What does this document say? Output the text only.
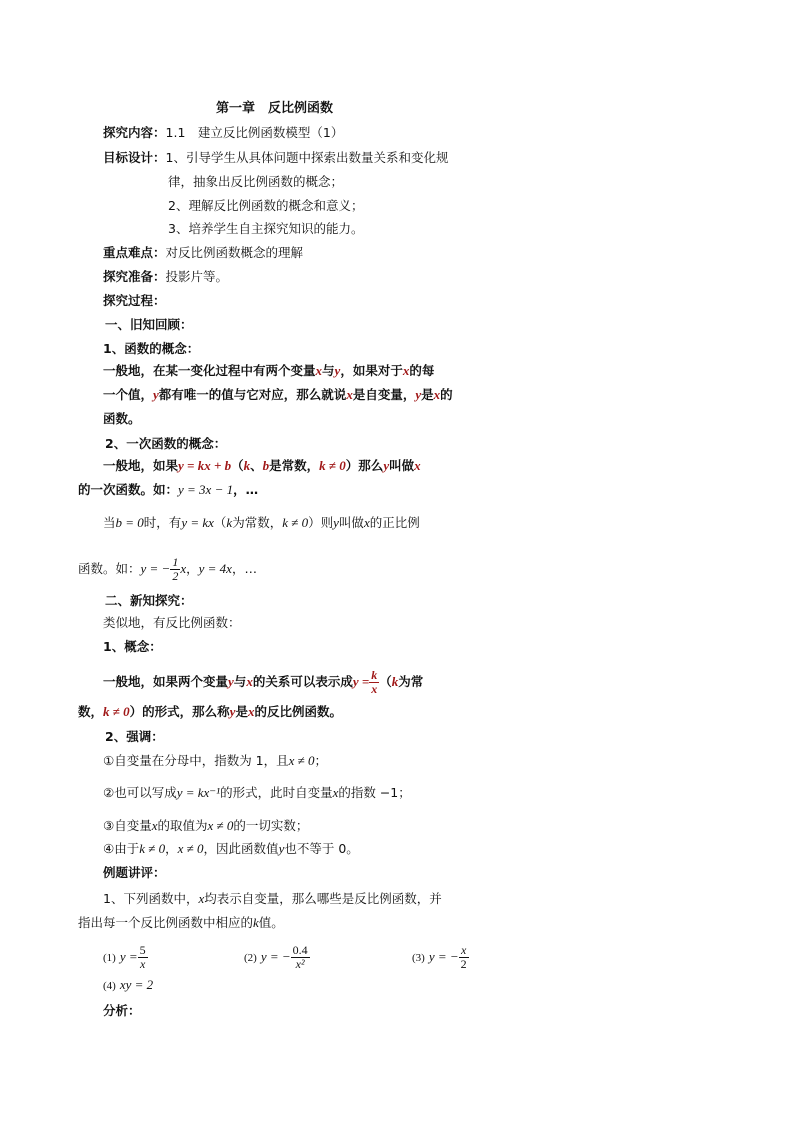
第一章　反比例函数
探究内容：1.1　建立反比例函数模型（1）
目标设计：1、引导学生从具体问题中探索出数量关系和变化规
律，抽象出反比例函数的概念；
2、理解反比例函数的概念和意义；
3、培养学生自主探究知识的能力。
重点难点：对反比例函数概念的理解
探究准备：投影片等。
探究过程：
一、旧知回顾：
1、函数的概念：
一般地，在某一变化过程中有两个变量x与y，如果对于x的每
一个值，y都有唯一的值与它对应，那么就说x是自变量，y是x的
函数。
2、一次函数的概念：
一般地，如果y = kx + b（k、b是常数，k ≠ 0）那么y叫做x
的一次函数。如：y = 3x − 1，…
当b = 0时，有y = kx（k为常数，k ≠ 0）则y叫做x的正比例
函数。如：y = − $\frac{1}{2}$ x，y = 4x，…
二、新知探究：
类似地，有反比例函数：
1、概念：
一般地，如果两个变量y与x的关系可以表示成$y = \frac{k}{x} (k$为常
数，k ≠ 0）的形式，那么称y是x的反比例函数。
2、强调：
①自变量在分母中，指数为 1，且x ≠ 0；
②也可以写成y = kx⁻¹的形式，此时自变量x的指数 −1；
③自变量x的取值为x ≠ 0的一切实数；
④由于k ≠ 0，x ≠ 0，因此函数值y也不等于 0。
例题讲评：
1、下列函数中，x均表示自变量，那么哪些是反比例函数，并
指出每一个反比例函数中相应的k值。
(1) $y = \frac{5}{x}$	(2) y = − $\frac{0.4}{\text{x²}}$	(3) y = − $\frac{x}{2}$
(4) xy = 2
分析：
